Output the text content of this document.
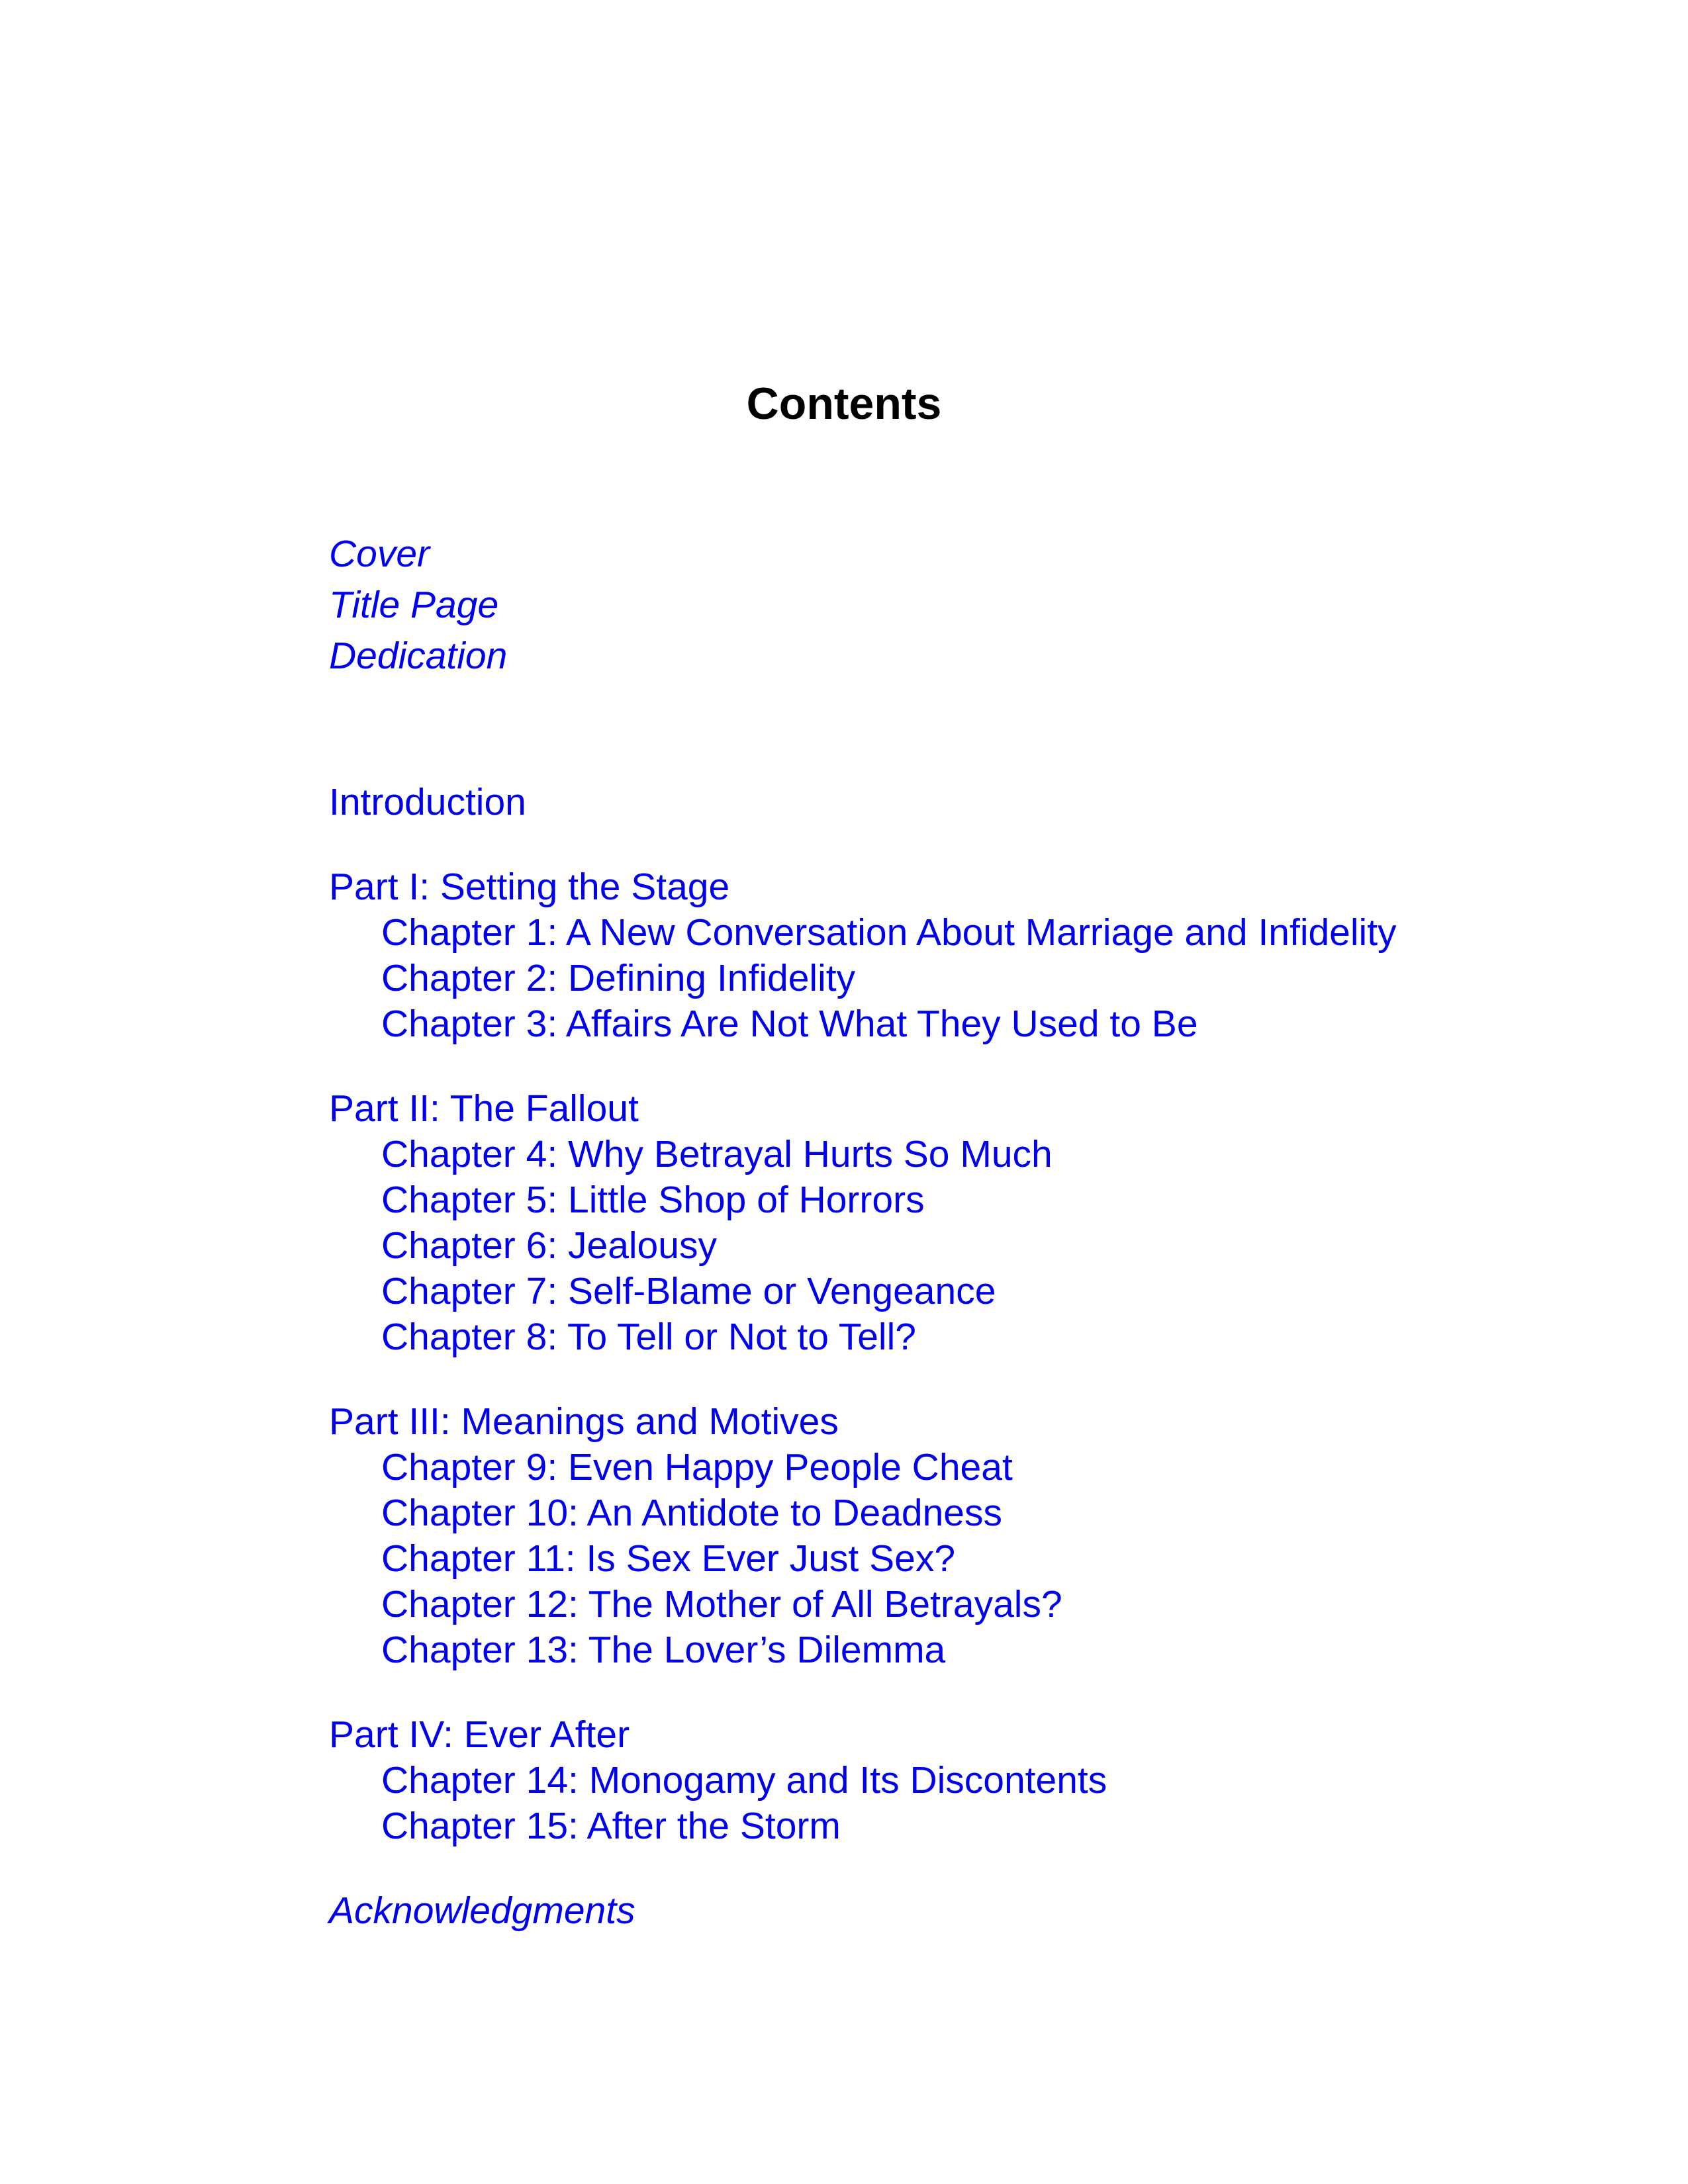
Contents
Cover
Title Page
Dedication
Introduction
Part I: Setting the Stage
Chapter 1: A New Conversation About Marriage and Infidelity
Chapter 2: Defining Infidelity
Chapter 3: Affairs Are Not What They Used to Be
Part II: The Fallout
Chapter 4: Why Betrayal Hurts So Much
Chapter 5: Little Shop of Horrors
Chapter 6: Jealousy
Chapter 7: Self-Blame or Vengeance
Chapter 8: To Tell or Not to Tell?
Part III: Meanings and Motives
Chapter 9: Even Happy People Cheat
Chapter 10: An Antidote to Deadness
Chapter 11: Is Sex Ever Just Sex?
Chapter 12: The Mother of All Betrayals?
Chapter 13: The Lover’s Dilemma
Part IV: Ever After
Chapter 14: Monogamy and Its Discontents
Chapter 15: After the Storm
Acknowledgments
